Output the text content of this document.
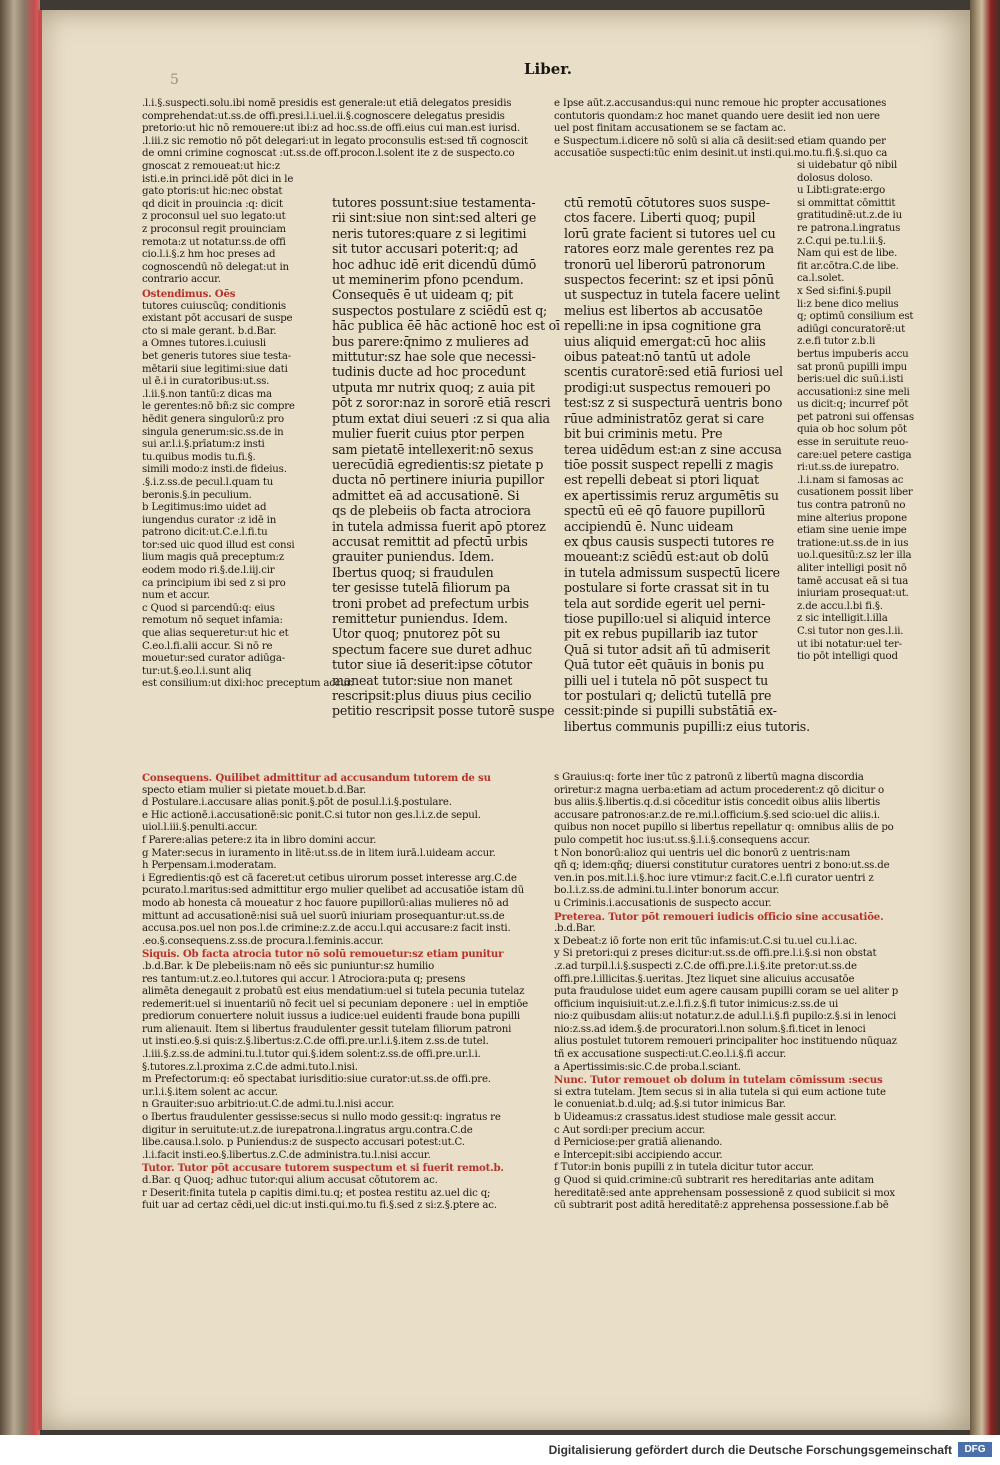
5
Liber.

.l.i.§.suspecti.solu.ibi nomē presidis est generale:ut etiā delegatos presidis

comprehendat:ut.ss.de offi.presi.l.i.uel.ii.§.cognoscere delegatus presidis

pretorio:ut hic nō remouere:ut ibi:z ad hoc.ss.de offi.eius cui man.est iurisd.

.l.iii.z sic remotio nō pōt delegari:ut in legato proconsulis est:sed tñ cognoscit

de omni crimine cognoscat :ut.ss.de off.procon.l.solent ite z de suspecto.co

gnoscat z remoueat:ut hic:z

isti.e.in princi.idē pōt dici in le

gato ptoris:ut hic:nec obstat

qd dicit in prouincia :q: dicit

z proconsul uel suo legato:ut

z proconsul regit prouinciam

remota:z ut notatur.ss.de offi

cio.l.i.§.z hm hoc preses ad

cognoscendū nō delegat:ut in

contrario accur.

Ostendimus. Oēs

tutores cuiuscūq; conditionis

existant pōt accusari de suspe

cto si male gerant. b.d.Bar.

a Omnes tutores.i.cuiusli

bet generis tutores siue testa-

mētarii siue legitimi:siue dati

ul ē.i in curatoribus:ut.ss.

.l.ii.§.non tantū:z dicas ma

le gerentes:nō bñ:z sic compre

hēdit genera singulorū:z pro

singula generum:sic.ss.de in

sui ar.l.i.§.prīatum:z insti

tu.quibus modis tu.fi.§.

simili modo:z insti.de fideius.

.§.i.z.ss.de pecul.l.quam tu

beronis.§.in peculium.

b Legitimus:imo uidet ad

iungendus curator :z idē in

patrono dicit:ut.C.e.l.fi.tu

tor:sed uic quod illud est consi

lium magis quā preceptum:z

eodem modo ri.§.de.l.iij.cir

ca principium ibi sed z si pro

num et accur.

c Quod si parcendū:q: eius

remotum nō sequet infamia:

que alias sequeretur:ut hic et

C.eo.l.fi.alii accur. Si nō re

mouetur:sed curator adiūga-

tur:ut.§.eo.l.i.sunt aliq

est consilium:ut dixi:hoc preceptum accur.

tutores possunt:siue testamenta-

rii sint:siue non sint:sed alteri ge

neris tutores:quare z si legitimi

sit tutor accusari poterit:q; ad

hoc adhuc idē erit dicendū dūmō

ut meminerim pfono pcendum.

Consequēs ē ut uideam q; pit

suspectos postulare z sciēdū est q;

hāc publica ēē hāc actionē hoc est oī

bus parere:q̄nimo z mulieres ad

mittutur:sz hae sole que necessi-

tudinis ducte ad hoc procedunt

utputa mr nutrix quoq; z auia pit

pōt z soror:naz in sororē etiā rescri

ptum extat diui seueri :z si qua alia

mulier fuerit cuius ptor perpen

sam pietatē intellexerit:nō sexus

uerecūdiā egredientis:sz pietate p

ducta nō pertinere iniuria pupillor

admittet eā ad accusationē. Si

qs de plebeiis ob facta atrociora

in tutela admissa fuerit apō ptorez

accusat remittit ad pfectū urbis

grauiter puniendus. Idem.

Ibertus quoq; si fraudulen

ter gesisse tutelā filiorum pa

troni probet ad prefectum urbis

remittetur puniendus. Idem.

Utor quoq; pnutorez pōt su

spectum facere sue duret adhuc

tutor siue iā deserit:ipse cōtutor

maneat tutor:siue non manet

rescripsit:plus diuus pius cecilio

petitio rescripsit posse tutorē suspe

ctū remotū cōtutores suos suspe-

ctos facere. Liberti quoq; pupil

lorū grate facient si tutores uel cu

ratores eorz male gerentes rez pa

tronorū uel liberorū patronorum

suspectos fecerint: sz et ipsi pōnū

ut suspectuz in tutela facere uelint

melius est libertos ab accusatōe

repelli:ne in ipsa cognitione gra

uius aliquid emergat:cū hoc aliis

oibus pateat:nō tantū ut adole

scentis curatorē:sed etiā furiosi uel

prodigi:ut suspectus remoueri po

test:sz z si suspecturā uentris bono

rūue administratōz gerat si care

bit bui criminis metu. Pre

terea uidēdum est:an z sine accusa

tiōe possit suspect repelli z magis

est repelli debeat si ptori liquat

ex apertissimis reruz argumētis su

spectū eū eē qō fauore pupillorū

accipiendū ē. Nunc uideam

ex qbus causis suspecti tutores re

moueant:z sciēdū est:aut ob dolū

in tutela admissum suspectū licere

postulare si forte crassat sit in tu

tela aut sordide egerit uel perni-

tiose pupillo:uel si aliquid interce

pit ex rebus pupillarib iaz tutor

Quā si tutor adsit añ tū admiserit

Quā tutor eēt quāuis in bonis pu

pilli uel i tutela nō pōt suspect tu

tor postulari q; delictū tutellā pre

cessit:pinde si pupilli substātiā ex-

libertus communis pupilli:z eius tutoris.

e Ipse aūt.z.accusandus:qui nunc remoue hic propter accusationes

contutoris quondam:z hoc manet quando uere desiit ied non uere

uel post finitam accusationem se se factam ac.

e Suspectum.i.dicere nō solū si alia cā desiit:sed etiam quando per

accusatiōe suspecti:tūc enim desinit.ut insti.qui.mo.tu.fi.§.si.quo ca

si uidebatur qō nibil

dolosus doloso.

u Libti:grate:ergo

si ommittat cōmittit

gratitudinē:ut.z.de iu

re patrona.l.ingratus

z.C.qui pe.tu.l.ii.§.

Nam qui est de libe.

fit ar.cōtra.C.de libe.

ca.l.solet.

x Sed si:fini.§.pupil

li:z bene dico melius

q; optimū consilium est

adiūgi concuratorē:ut

z.e.fi tutor z.b.li

bertus impuberis accu

sat pronū pupilli impu

beris:uel dic suū.i.isti

accusationi:z sine meli

us dicit:q; incurref pōt

pet patroni sui offensas

quia ob hoc solum pōt

esse in seruitute reuo-

care:uel petere castiga

ri:ut.ss.de iurepatro.

.l.i.nam si famosas ac

cusationem possit liber

tus contra patronū no

mine alterius propone

etiam sine uenie impe

tratione:ut.ss.de in ius

uo.l.quesitū:z.sz ler illa

aliter intelligi posit nō

tamē accusat eā si tua

iniuriam prosequat:ut.

z.de accu.l.bi fi.§.

z sic intelligit.l.illa

C.si tutor non ges.l.ii.

ut ibi notatur:uel ter-

tio pōt intelligi quod

Consequens. Quilibet admittitur ad accusandum tutorem de su

specto etiam mulier si pietate mouet.b.d.Bar.

d Postulare.i.accusare alias ponit.§.pōt de posul.l.i.§.postulare.

e Hic actionē.i.accusationē:sic ponit.C.si tutor non ges.l.i.z.de sepul.

uiol.l.iii.§.penulti.accur.

f Parere:alias petere:z ita in libro domini accur.

g Mater:secus in iuramento in litē:ut.ss.de in litem iurā.l.uideam accur.

h Perpensam.i.moderatam.

i Egredientis:qō est cā faceret:ut cetibus uirorum posset interesse arg.C.de

pcurato.l.maritus:sed admittitur ergo mulier quelibet ad accusatiōe istam dū

modo ab honesta cā moueatur z hoc fauore pupillorū:alias mulieres nō ad

mittunt ad accusationē:nisi suā uel suorū iniuriam prosequantur:ut.ss.de

accusa.pos.uel non pos.l.de crimine:z.z.de accu.l.qui accusare:z facit insti.

.eo.§.consequens.z.ss.de procura.l.feminis.accur.

Siquis. Ob facta atrocia tutor nō solū remouetur:sz etiam punitur

.b.d.Bar. k De plebeiis:nam nō eēs sic puniuntur:sz humilio

res tantum:ut.z.eo.l.tutores qui accur. l Atrociora:puta q; presens

alimēta denegauit z probatū est eius mendatium:uel si tutela pecunia tutelaz

redemerit:uel si inuentariū nō fecit uel si pecuniam deponere : uel in emptiōe

prediorum conuertere noluit iussus a iudice:uel euidenti fraude bona pupilli

rum alienauit. Item si libertus fraudulenter gessit tutelam filiorum patroni

ut insti.eo.§.si quis:z.§.libertus:z.C.de offi.pre.ur.l.i.§.item z.ss.de tutel.

.l.iii.§.z.ss.de admini.tu.l.tutor qui.§.idem solent:z.ss.de offi.pre.ur.l.i.

§.tutores.z.l.proxima z.C.de admi.tuto.l.nisi.

m Prefectorum:q: eō spectabat iurisditio:siue curator:ut.ss.de offi.pre.

ur.l.i.§.item solent ac accur.

n Grauiter:suo arbitrio:ut.C.de admi.tu.l.nisi accur.

o Ibertus fraudulenter gessisse:secus si nullo modo gessit:q: ingratus re

digitur in seruitute:ut.z.de iurepatrona.l.ingratus argu.contra.C.de

libe.causa.l.solo. p Puniendus:z de suspecto accusari potest:ut.C.

.l.i.facit insti.eo.§.libertus.z.C.de administra.tu.l.nisi accur.

Tutor. Tutor pōt accusare tutorem suspectum et si fuerit remot.b.

d.Bar. q Quoq; adhuc tutor:qui alium accusat cōtutorem ac.

r Deserit:finita tutela p capitis dimi.tu.q; et postea restitu az.uel dic q;

fuit uar ad certaz cēdi,uel dic:ut insti.qui.mo.tu fi.§.sed z si:z.§.ptere ac.

s Grauius:q: forte iner tūc z patronū z libertū magna discordia

oriretur:z magna uerba:etiam ad actum procederent:z qō dicitur o

bus aliis.§.libertis.q.d.si cōceditur istis concedit oibus aliis libertis

accusare patronos:ar.z.de re.mi.l.officium.§.sed scio:uel dic aliis.i.

quibus non nocet pupillo si libertus repellatur q: omnibus aliis de po

pulo competit hoc ius:ut.ss.§.l.i.§.consequens accur.

t Non bonorū:alioz qui uentris uel dic bonorū z uentris:nam

qñ q; idem:qñq; diuersi constitutur curatores uentri z bono:ut.ss.de

ven.in pos.mit.l.i.§.hoc iure vtimur:z facit.C.e.l.fi curator uentri z

bo.l.i.z.ss.de admini.tu.l.inter bonorum accur.

u Criminis.i.accusationis de suspecto accur.

Preterea. Tutor pōt remoueri iudicis officio sine accusatiōe.

.b.d.Bar.

x Debeat:z iō forte non erit tūc infamis:ut.C.si tu.uel cu.l.i.ac.

y Si pretori:qui z preses dicitur:ut.ss.de offi.pre.l.i.§.si non obstat

.z.ad turpil.l.i.§.suspecti z.C.de offi.pre.l.i.§.ite pretor:ut.ss.de

offi.pre.l.illicitas.§.ueritas. Jtez liquet sine alicuius accusatōe

puta fraudulose uidet eum agere causam pupilli coram se uel aliter p

officium inquisiuit:ut.z.e.l.fi.z.§.fi tutor inimicus:z.ss.de ui

nio:z quibusdam aliis:ut notatur.z.de adul.l.i.§.fi pupilo:z.§.si in lenoci

nio:z.ss.ad idem.§.de procuratori.l.non solum.§.fi.ticet in lenoci

alius postulet tutorem remoueri principaliter hoc instituendo nūquaz

tñ ex accusatione suspecti:ut.C.eo.l.i.§.fi accur.

a Apertissimis:sic.C.de proba.l.sciant.

Nunc. Tutor remouet ob dolum in tutelam cōmissum :secus

si extra tutelam. Jtem secus si in alia tutela si qui eum actione tute

le conueniat.b.d.ulq; ad.§.si tutor inimicus Bar.

b Uideamus:z crassatus.idest studiose male gessit accur.

c Aut sordi:per precium accur.

d Perniciose:per gratiā alienando.

e Intercepit:sibi accipiendo accur.

f Tutor:in bonis pupilli z in tutela dicitur tutor accur.

g Quod si quid.crimine:cū subtrarit res hereditarias ante aditam

hereditatē:sed ante apprehensam possessionē z quod subiicit si mox

cū subtrarit post aditā hereditatē:z apprehensa possessione.f.ab bē

Digitalisierung gefördert durch die Deutsche Forschungsgemeinschaft	DFG
